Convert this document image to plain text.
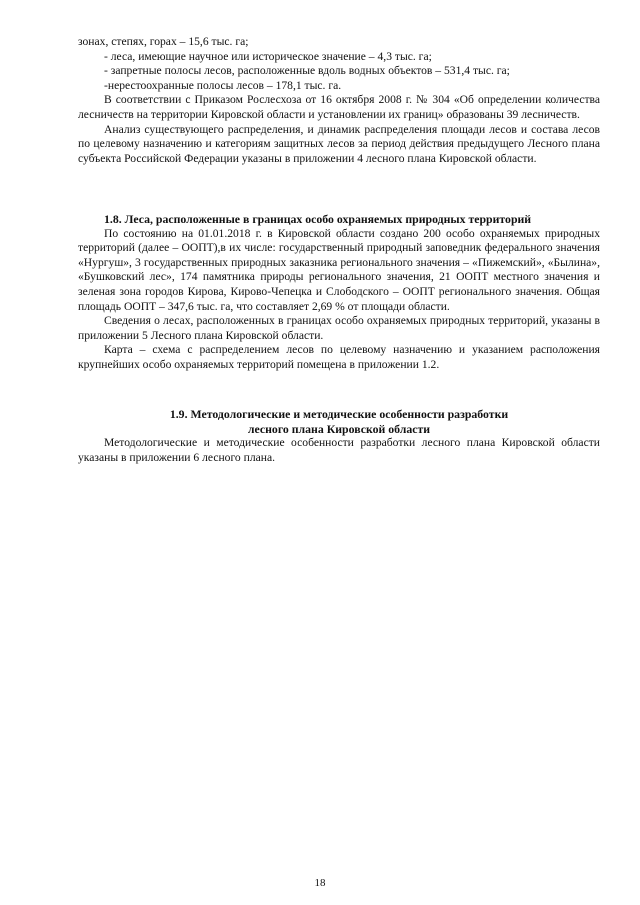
зонах, степях, горах – 15,6 тыс. га;

- леса, имеющие научное или историческое значение – 4,3 тыс. га;

- запретные полосы лесов, расположенные вдоль водных объектов – 531,4 тыс. га;

-нерестоохранные полосы лесов – 178,1 тыс. га.

В соответствии с Приказом Рослесхоза от 16 октября 2008 г. № 304 «Об определении количества лесничеств на территории Кировской области и установлении их границ» образованы 39 лесничеств.

Анализ существующего распределения, и динамик распределения площади лесов и состава лесов по целевому назначению и категориям защитных лесов за период действия предыдущего Лесного плана субъекта Российской Федерации указаны в приложении 4 лесного плана Кировской области.

1.8. Леса, расположенные в границах особо охраняемых природных территорий

По состоянию на 01.01.2018 г. в Кировской области создано 200 особо охраняемых природных территорий (далее – ООПТ),в их числе: государственный природный заповедник федерального значения «Нургуш», 3 государственных природных заказника регионального значения – «Пижемский», «Былина», «Бушковский лес», 174 памятника природы регионального значения, 21 ООПТ местного значения и зеленая зона городов Кирова, Кирово-Чепецка и Слободского – ООПТ регионального значения. Общая площадь ООПТ – 347,6 тыс. га, что составляет 2,69 % от площади области.

Сведения о лесах, расположенных в границах особо охраняемых природных территорий, указаны в приложении 5 Лесного плана Кировской области.

Карта – схема с распределением лесов по целевому назначению и указанием расположения крупнейших особо охраняемых территорий помещена в приложении 1.2.

1.9. Методологические и методические особенности разработки
лесного плана Кировской области

Методологические и методические особенности разработки лесного плана Кировской области указаны в приложении 6 лесного плана.

18
